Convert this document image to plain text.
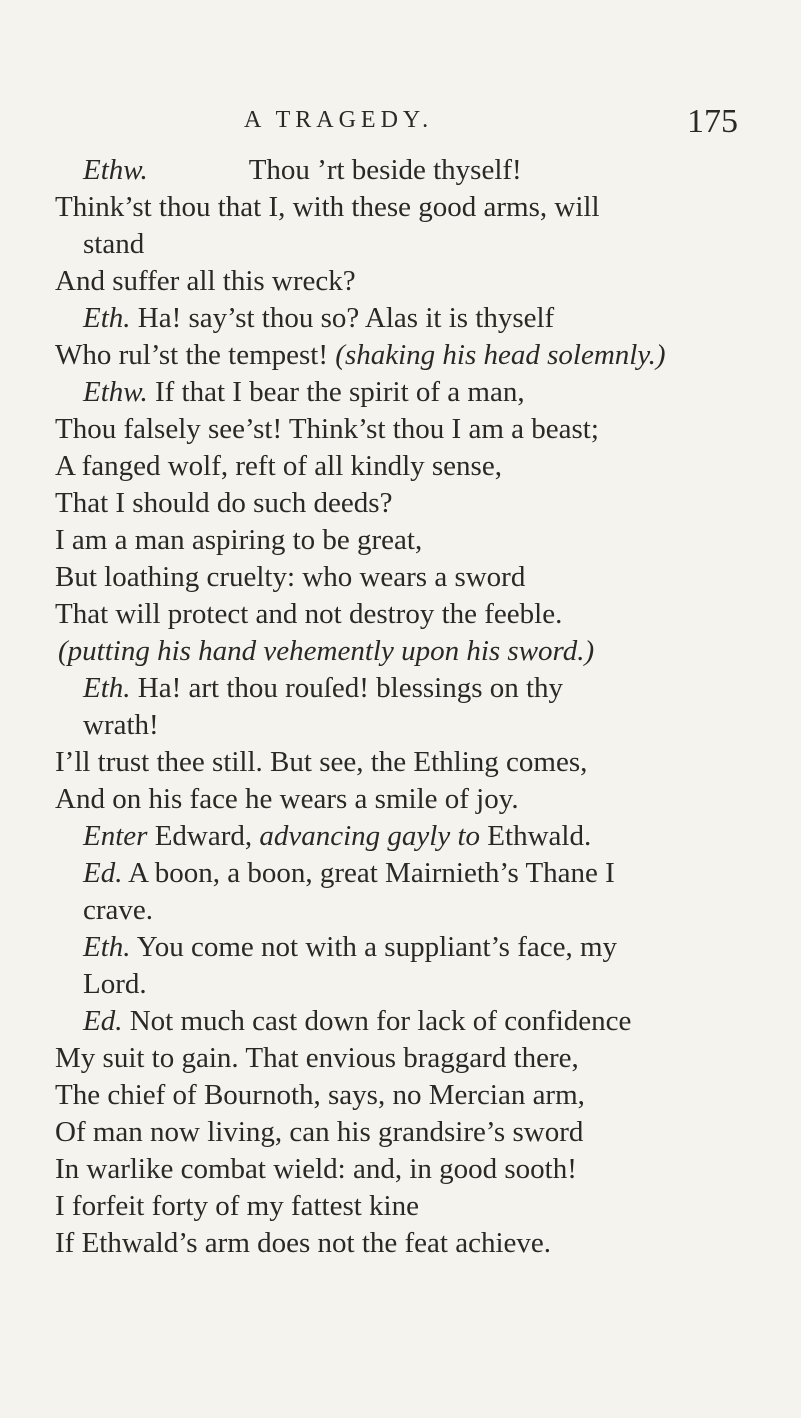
A TRAGEDY.	175
Ethw.              Thou ’rt beside thyself!
Think’st thou that I, with these good arms, will
stand
And suffer all this wreck?
Eth. Ha! say’st thou so? Alas it is thyself
Who rul’st the tempest! (shaking his head solemnly.)
Ethw. If that I bear the spirit of a man,
Thou falsely see’st! Think’st thou I am a beast;
A fanged wolf, reft of all kindly sense,
That I should do such deeds?
I am a man aspiring to be great,
But loathing cruelty: who wears a sword
That will protect and not destroy the feeble.
(putting his hand vehemently upon his sword.)
Eth. Ha! art thou rouſed! blessings on thy
wrath!
I’ll trust thee still. But see, the Ethling comes,
And on his face he wears a smile of joy.
Enter Edward, advancing gayly to Ethwald.
Ed. A boon, a boon, great Mairnieth’s Thane I
crave.
Eth. You come not with a suppliant’s face, my
Lord.
Ed. Not much cast down for lack of confidence
My suit to gain. That envious braggard there,
The chief of Bournoth, says, no Mercian arm,
Of man now living, can his grandsire’s sword
In warlike combat wield: and, in good sooth!
I forfeit forty of my fattest kine
If Ethwald’s arm does not the feat achieve.
